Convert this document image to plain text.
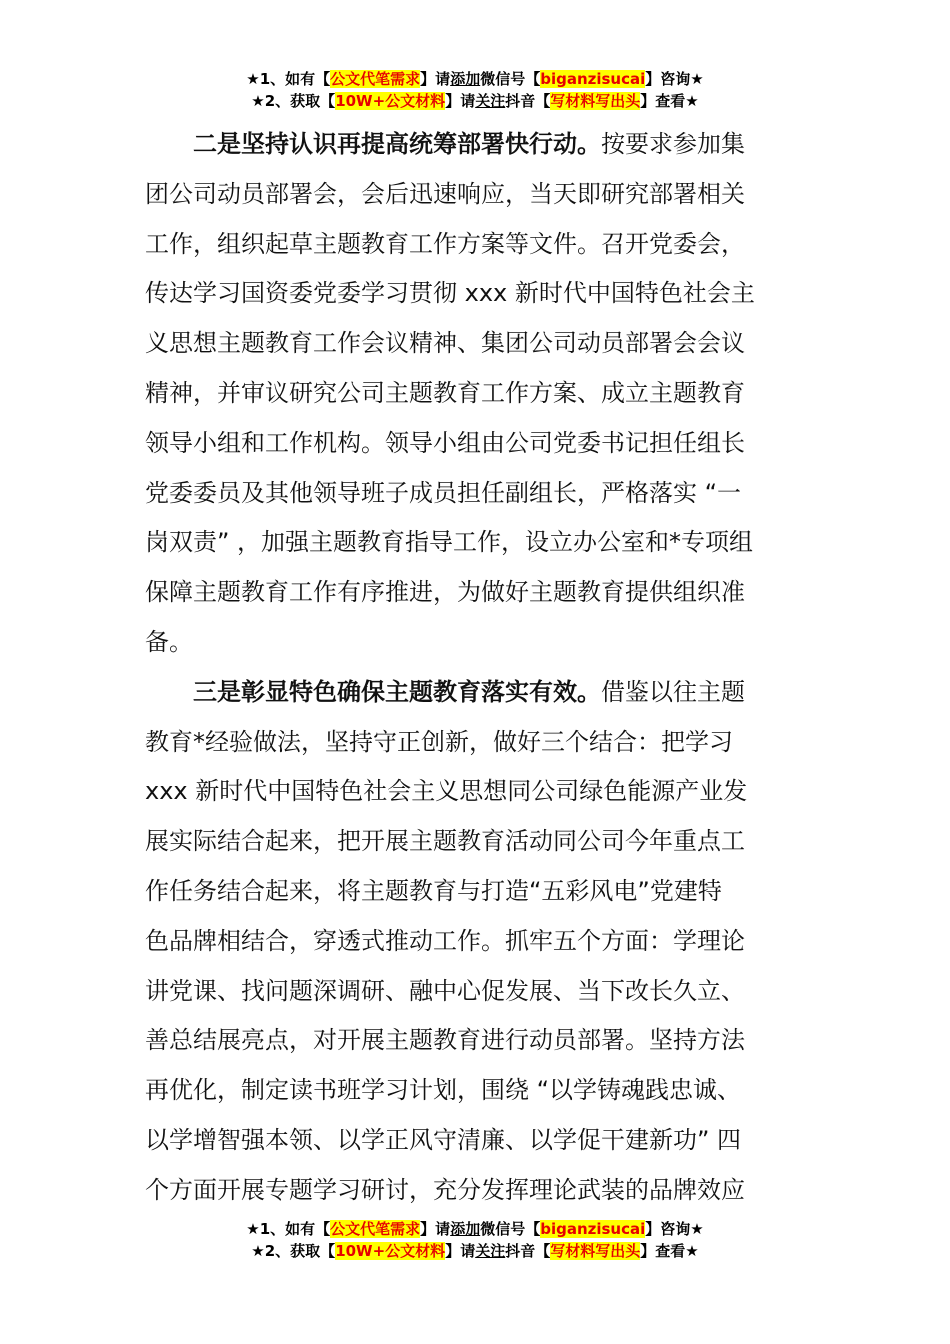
★1、如有【公文代笔需求】请添加微信号【biganzisucai】咨询★
★2、获取【10W+公文材料】请关注抖音【写材料写出头】查看★
　　二是坚持认识再提高统筹部署快行动。按要求参加集
团公司动员部署会，会后迅速响应，当天即研究部署相关
工作，组织起草主题教育工作方案等文件。召开党委会，
传达学习国资委党委学习贯彻 xxx 新时代中国特色社会主
义思想主题教育工作会议精神、集团公司动员部署会会议
精神，并审议研究公司主题教育工作方案、成立主题教育
领导小组和工作机构。领导小组由公司党委书记担任组长
党委委员及其他领导班子成员担任副组长，严格落实 “一
岗双责” ，加强主题教育指导工作，设立办公室和*专项组
保障主题教育工作有序推进，为做好主题教育提供组织准
备。
　　三是彰显特色确保主题教育落实有效。借鉴以往主题
教育*经验做法，坚持守正创新，做好三个结合：把学习
xxx 新时代中国特色社会主义思想同公司绿色能源产业发
展实际结合起来，把开展主题教育活动同公司今年重点工
作任务结合起来，将主题教育与打造“五彩风电”党建特
色品牌相结合，穿透式推动工作。抓牢五个方面：学理论
讲党课、找问题深调研、融中心促发展、当下改长久立、
善总结展亮点，对开展主题教育进行动员部署。坚持方法
再优化，制定读书班学习计划，围绕 “以学铸魂践忠诚、
以学增智强本领、以学正风守清廉、以学促干建新功” 四
个方面开展专题学习研讨，充分发挥理论武装的品牌效应
★1、如有【公文代笔需求】请添加微信号【biganzisucai】咨询★
★2、获取【10W+公文材料】请关注抖音【写材料写出头】查看★
